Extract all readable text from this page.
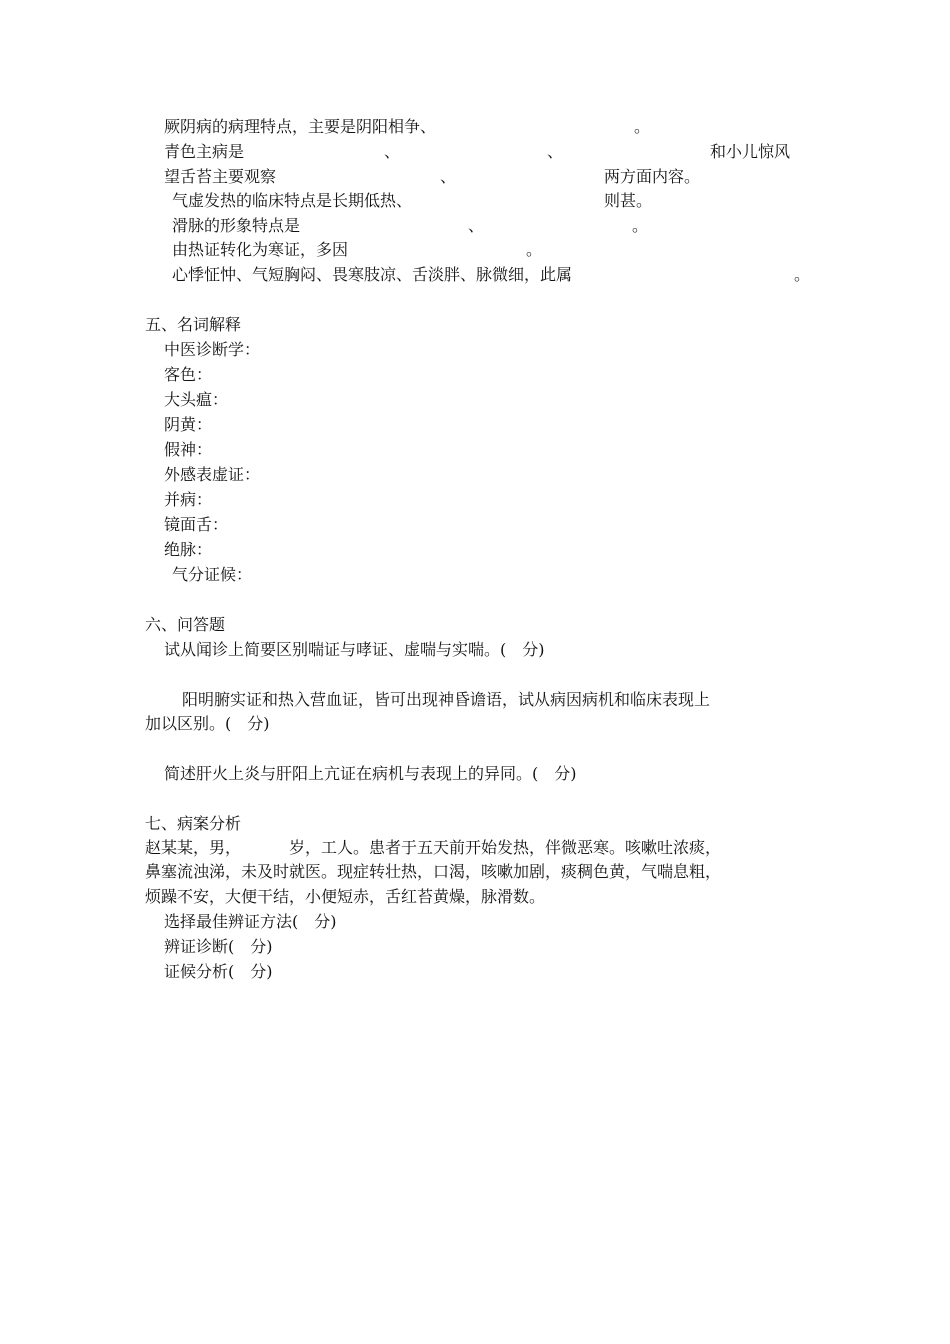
厥阴病的病理特点，主要是阴阳相争、	。
青色主病是	、	、	和小儿惊风
望舌苔主要观察	、	两方面内容。
气虚发热的临床特点是长期低热、	则甚。
滑脉的形象特点是	、	。
由热证转化为寒证，多因	。
心悸怔忡、气短胸闷、畏寒肢凉、舌淡胖、脉微细，此属	。
五、名词解释
中医诊断学：
客色：
大头瘟：
阴黄：
假神：
外感表虚证：
并病：
镜面舌：
绝脉：
气分证候：
六、问答题
试从闻诊上简要区别喘证与哮证、虚喘与实喘。(　分)
阳明腑实证和热入营血证，皆可出现神昏谵语，试从病因病机和临床表现上
加以区别。(　分)
简述肝火上炎与肝阳上亢证在病机与表现上的异同。(　分)
七、病案分析
赵某某，男，	岁，工人。患者于五天前开始发热，伴微恶寒。咳嗽吐浓痰，
鼻塞流浊涕，未及时就医。现症转壮热，口渴，咳嗽加剧，痰稠色黄，气喘息粗，
烦躁不安，大便干结，小便短赤，舌红苔黄燥，脉滑数。
选择最佳辨证方法(　分)
辨证诊断(　分)
证候分析(　分)
